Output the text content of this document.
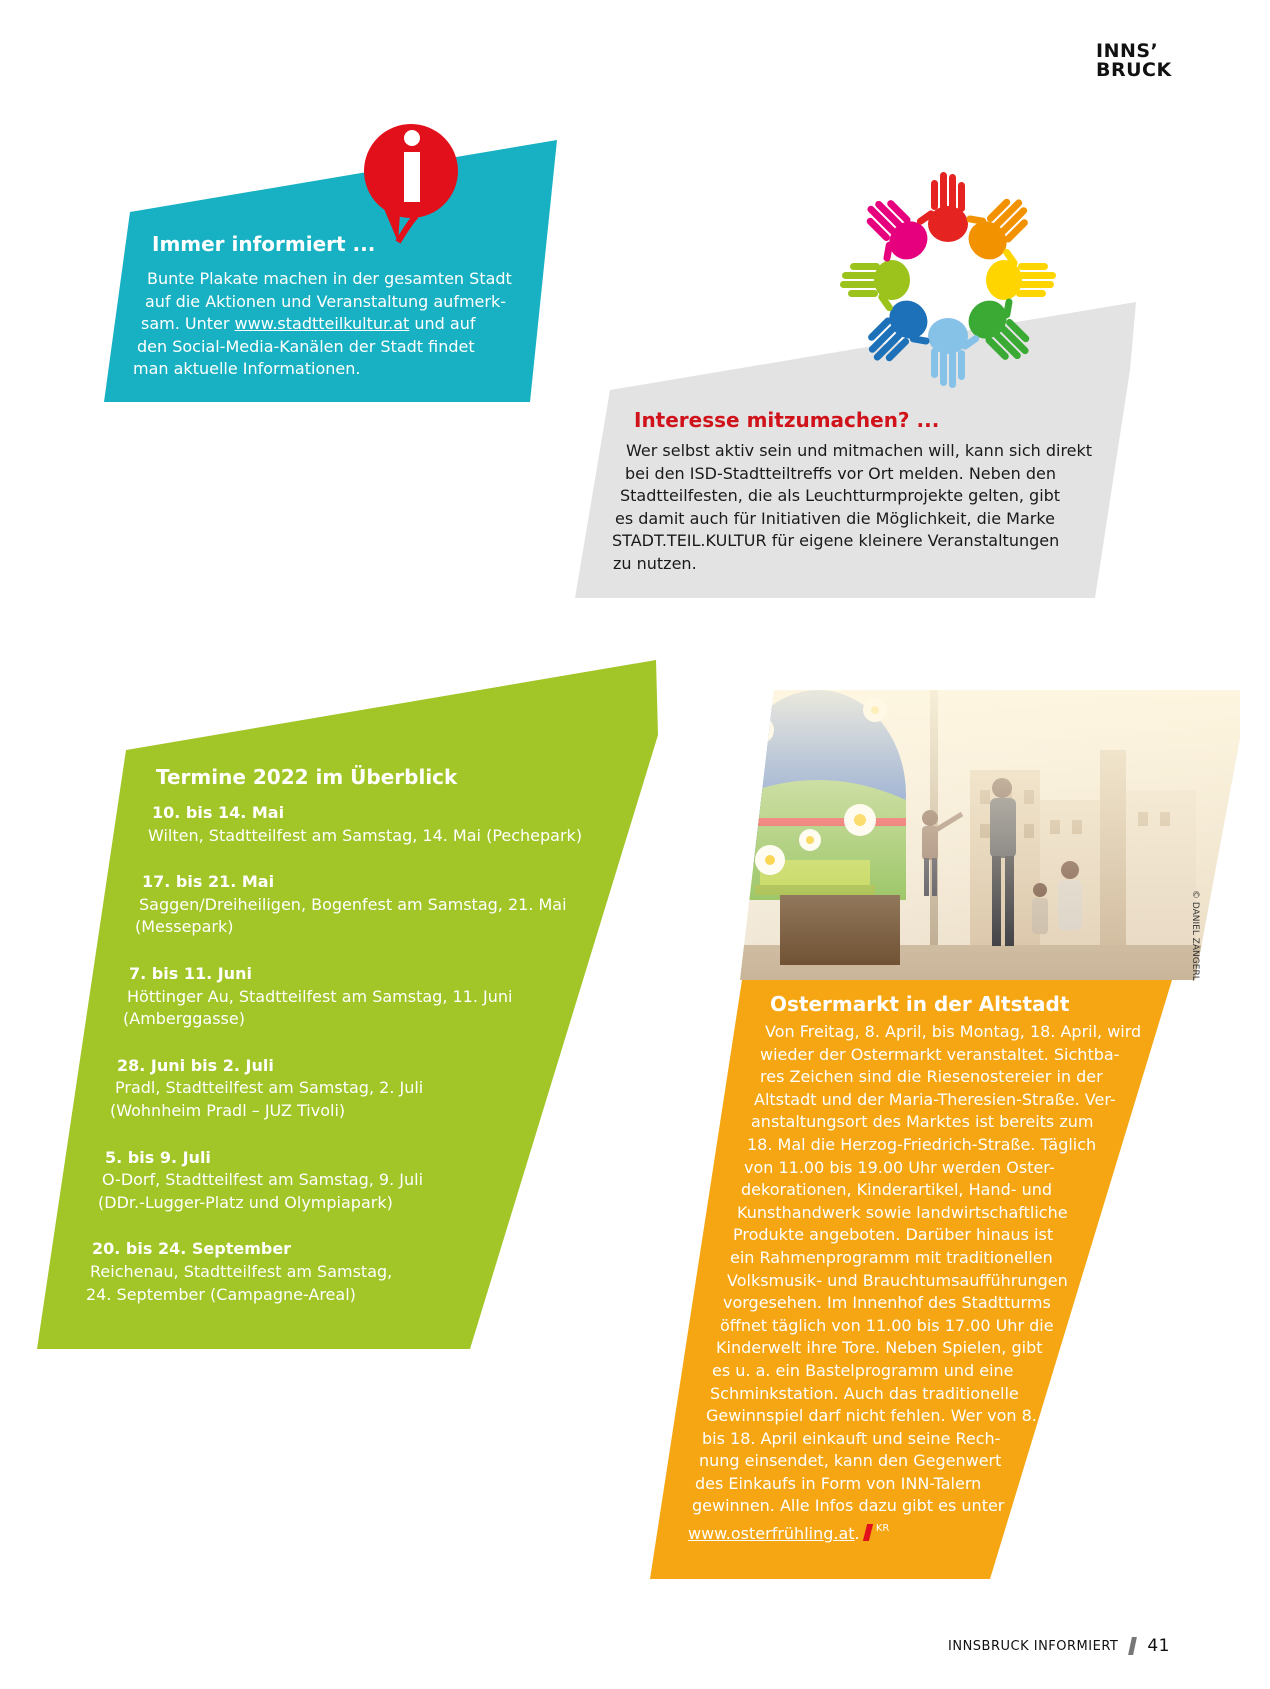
INNS’
BRUCK
© DANIEL ZANGERL
Immer informiert ...
Bunte Plakate machen in der gesamten Stadt
auf die Aktionen und Veranstaltung aufmerk-
sam. Unter www.stadtteilkultur.at und auf
den Social-Media-Kanälen der Stadt findet
man aktuelle Informationen.
Interesse mitzumachen? ...
Wer selbst aktiv sein und mitmachen will, kann sich direkt
bei den ISD-Stadtteiltreffs vor Ort melden. Neben den
Stadtteilfesten, die als Leuchtturmprojekte gelten, gibt
es damit auch für Initiativen die Möglichkeit, die Marke
STADT.TEIL.KULTUR für eigene kleinere Veranstaltungen
zu nutzen.
Termine 2022 im Überblick
10. bis 14. Mai
Wilten, Stadtteilfest am Samstag, 14. Mai (Pechepark)
17. bis 21. Mai
Saggen/Dreiheiligen, Bogenfest am Samstag, 21. Mai
(Messepark)
7. bis 11. Juni
Höttinger Au, Stadtteilfest am Samstag, 11. Juni
(Amberggasse)
28. Juni bis 2. Juli
Pradl, Stadtteilfest am Samstag, 2. Juli
(Wohnheim Pradl – JUZ Tivoli)
5. bis 9. Juli
O-Dorf, Stadtteilfest am Samstag, 9. Juli
(DDr.-Lugger-Platz und Olympiapark)
20. bis 24. September
Reichenau, Stadtteilfest am Samstag,
24. September (Campagne-Areal)
Ostermarkt in der Altstadt
Von Freitag, 8. April, bis Montag, 18. April, wird
wieder der Ostermarkt veranstaltet. Sichtba-
res Zeichen sind die Riesenostereier in der
Altstadt und der Maria-Theresien-Straße. Ver-
anstaltungsort des Marktes ist bereits zum
18. Mal die Herzog-Friedrich-Straße. Täglich
von 11.00 bis 19.00 Uhr werden Oster-
dekorationen, Kinderartikel, Hand- und
Kunsthandwerk sowie landwirtschaftliche
Produkte angeboten. Darüber hinaus ist
ein Rahmenprogramm mit traditionellen
Volksmusik- und Brauchtumsaufführungen
vorgesehen. Im Innenhof des Stadtturms
öffnet täglich von 11.00 bis 17.00 Uhr die
Kinderwelt ihre Tore. Neben Spielen, gibt
es u. a. ein Bastelprogramm und eine
Schminkstation. Auch das traditionelle
Gewinnspiel darf nicht fehlen. Wer von 8.
bis 18. April einkauft und seine Rech-
nung einsendet, kann den Gegenwert
des Einkaufs in Form von INN-Talern
gewinnen. Alle Infos dazu gibt es unter
www.osterfrühling.at. $^{KR}$
INNSBRUCK INFORMIERT 41
